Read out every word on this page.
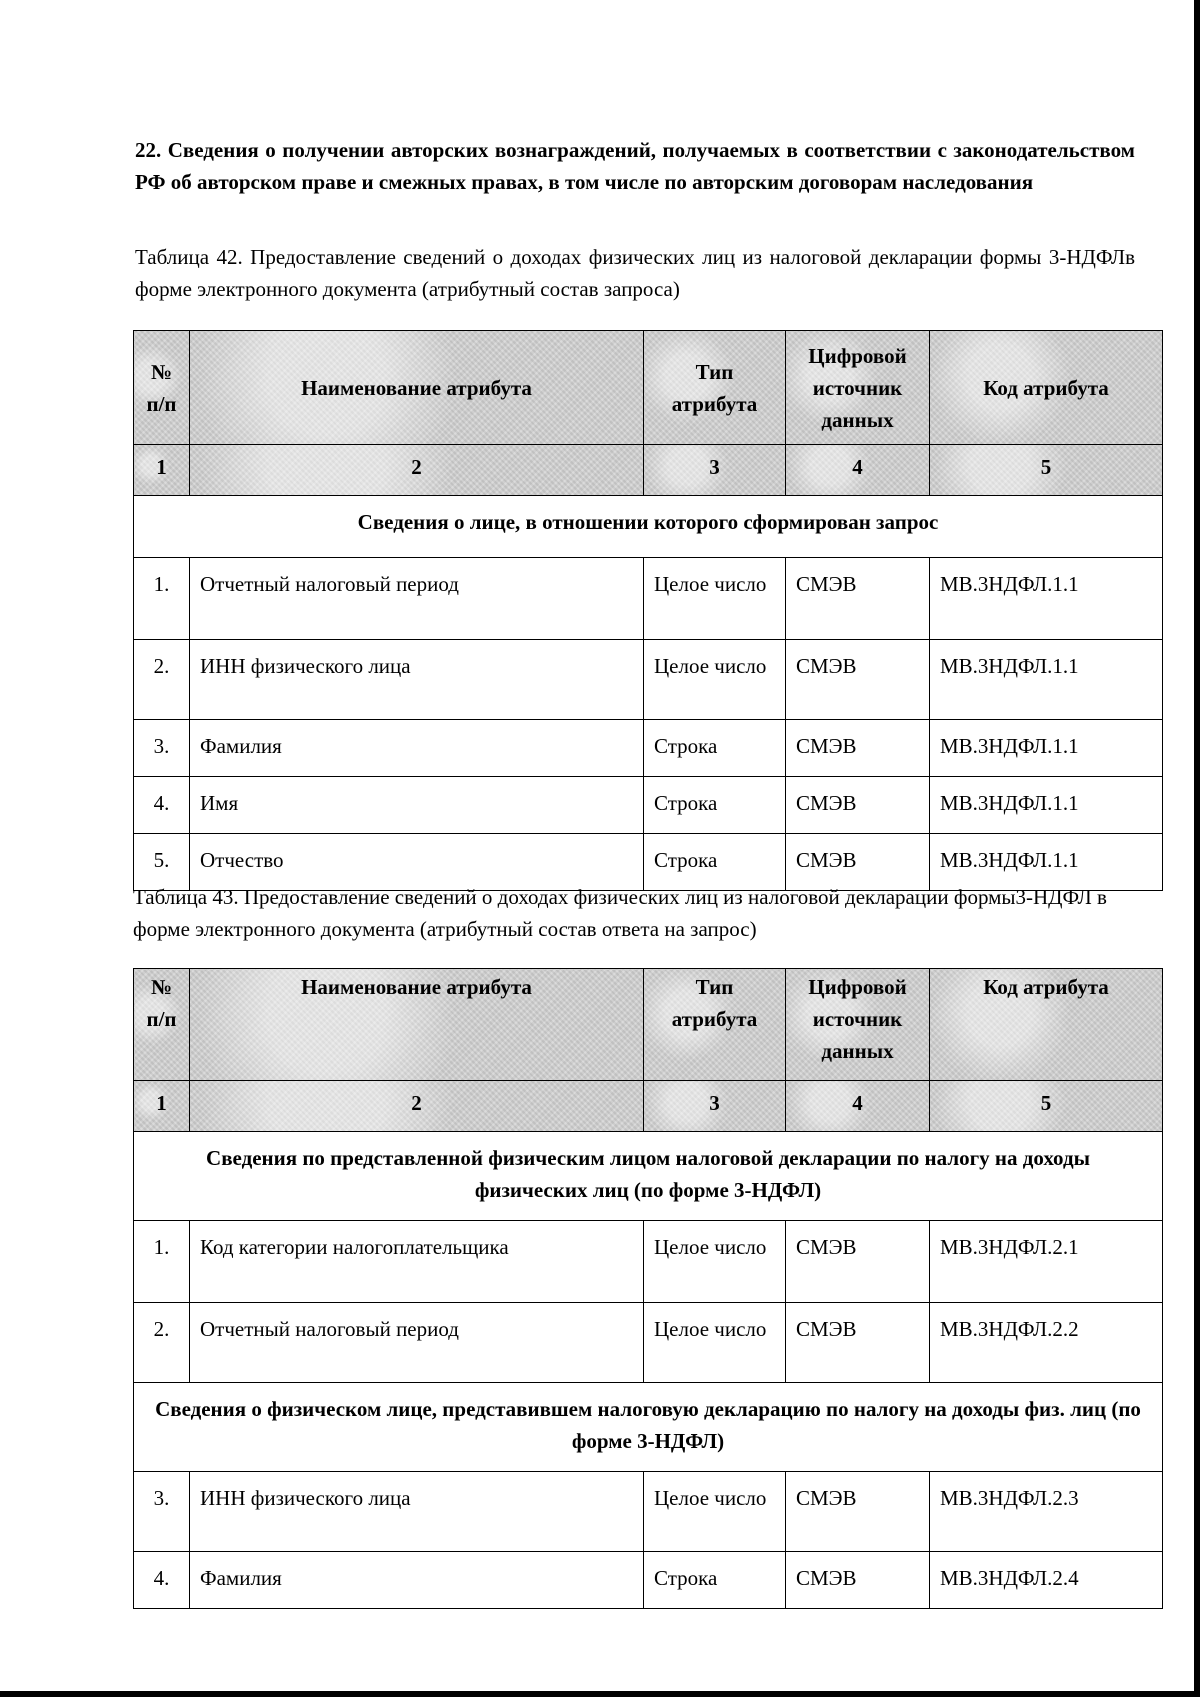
22. Сведения о получении авторских вознаграждений, получаемых в соответствии с законодательством РФ об авторском праве и смежных правах, в том числе по авторским договорам наследования

Таблица 42. Предоставление сведений о доходах физических лиц из налоговой декларации формы 3-НДФЛв форме электронного документа (атрибутный состав запроса)

№ п/п	Наименование атрибута	Тип атрибута	Цифровой источник данных	Код атрибута
1	2	3	4	5
Сведения о лице, в отношении которого сформирован запрос				
1.	Отчетный налоговый период	Целое число	СМЭВ	МВ.3НДФЛ.1.1
2.	ИНН физического лица	Целое число	СМЭВ	МВ.3НДФЛ.1.1
3.	Фамилия	Строка	СМЭВ	МВ.3НДФЛ.1.1
4.	Имя	Строка	СМЭВ	МВ.3НДФЛ.1.1
5.	Отчество	Строка	СМЭВ	МВ.3НДФЛ.1.1

Таблица 43. Предоставление сведений о доходах физических лиц из налоговой декларации формы3-НДФЛ в форме электронного документа (атрибутный состав ответа на запрос)

№ п/п	Наименование атрибута	Тип атрибута	Цифровой источник данных	Код атрибута
1	2	3	4	5
Сведения по представленной физическим лицом налоговой декларации по налогу на доходы физических лиц (по форме 3-НДФЛ)				
1.	Код категории налогоплательщика	Целое число	СМЭВ	МВ.3НДФЛ.2.1
2.	Отчетный налоговый период	Целое число	СМЭВ	МВ.3НДФЛ.2.2
Сведения о физическом лице, представившем налоговую декларацию по налогу на доходы физ. лиц (по форме 3-НДФЛ)				
3.	ИНН физического лица	Целое число	СМЭВ	МВ.3НДФЛ.2.3
4.	Фамилия	Строка	СМЭВ	МВ.3НДФЛ.2.4
